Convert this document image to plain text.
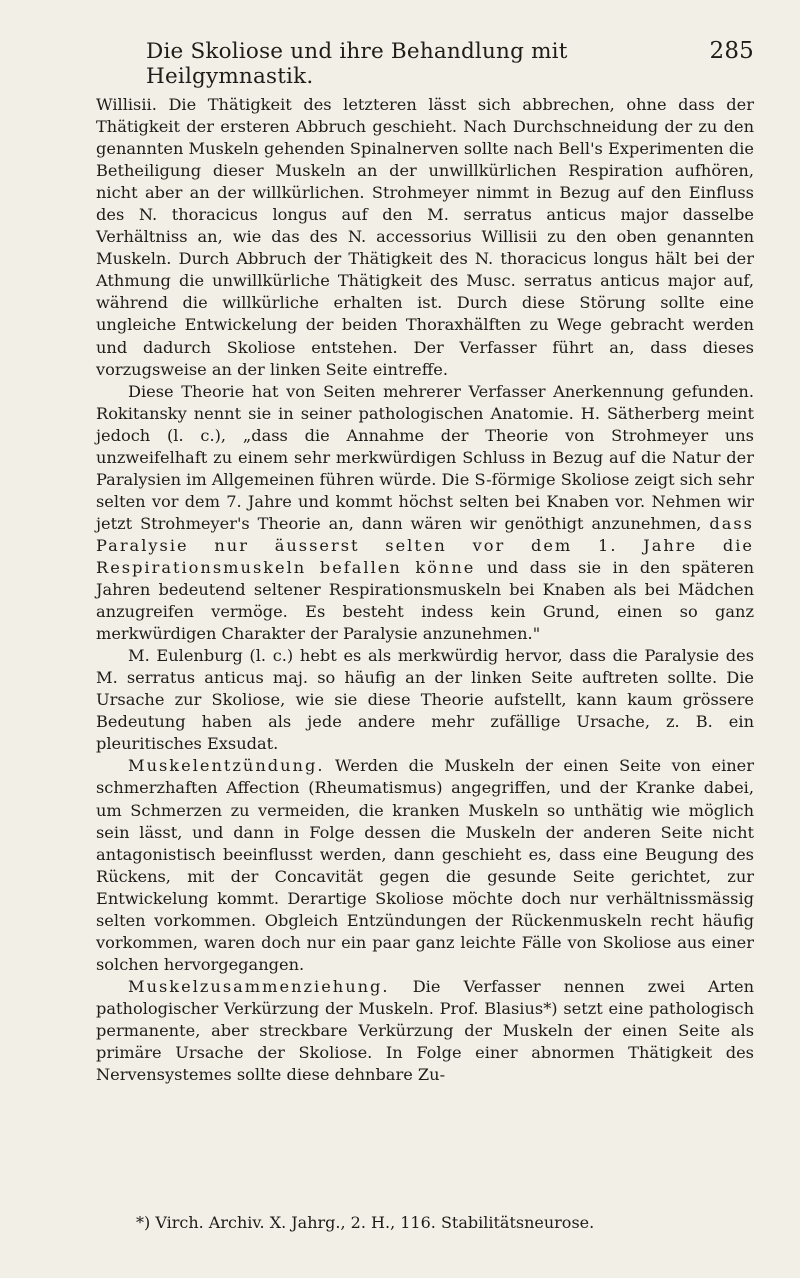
Die Skoliose und ihre Behandlung mit Heilgymnastik.
285

Willisii. Die Thätigkeit des letzteren lässt sich abbrechen, ohne dass der Thätigkeit der ersteren Abbruch geschieht. Nach Durchschneidung der zu den genannten Muskeln gehenden Spinalnerven sollte nach Bell's Experimenten die Betheiligung dieser Muskeln an der unwillkürlichen Respiration aufhören, nicht aber an der willkürlichen. Strohmeyer nimmt in Bezug auf den Einfluss des N. thoracicus longus auf den M. serratus anticus major dasselbe Verhältniss an, wie das des N. accessorius Willisii zu den oben genannten Muskeln. Durch Abbruch der Thätigkeit des N. thoracicus longus hält bei der Athmung die unwillkürliche Thätigkeit des Musc. serratus anticus major auf, während die willkürliche erhalten ist. Durch diese Störung sollte eine ungleiche Entwickelung der beiden Thoraxhälften zu Wege gebracht werden und dadurch Skoliose entstehen. Der Verfasser führt an, dass dieses vorzugsweise an der linken Seite eintreffe.

Diese Theorie hat von Seiten mehrerer Verfasser Anerkennung gefunden. Rokitansky nennt sie in seiner pathologischen Anatomie. H. Sätherberg meint jedoch (l. c.), „dass die Annahme der Theorie von Strohmeyer uns unzweifelhaft zu einem sehr merkwürdigen Schluss in Bezug auf die Natur der Paralysien im Allgemeinen führen würde. Die S-förmige Skoliose zeigt sich sehr selten vor dem 7. Jahre und kommt höchst selten bei Knaben vor. Nehmen wir jetzt Strohmeyer's Theorie an, dann wären wir genöthigt anzunehmen, dass Paralysie nur äusserst selten vor dem 1. Jahre die Respirationsmuskeln befallen könne und dass sie in den späteren Jahren bedeutend seltener Respirationsmuskeln bei Knaben als bei Mädchen anzugreifen vermöge. Es besteht indess kein Grund, einen so ganz merkwürdigen Charakter der Paralysie anzunehmen."

M. Eulenburg (l. c.) hebt es als merkwürdig hervor, dass die Paralysie des M. serratus anticus maj. so häufig an der linken Seite auftreten sollte. Die Ursache zur Skoliose, wie sie diese Theorie aufstellt, kann kaum grössere Bedeutung haben als jede andere mehr zufällige Ursache, z. B. ein pleuritisches Exsudat.

Muskelentzündung. Werden die Muskeln der einen Seite von einer schmerzhaften Affection (Rheumatismus) angegriffen, und der Kranke dabei, um Schmerzen zu vermeiden, die kranken Muskeln so unthätig wie möglich sein lässt, und dann in Folge dessen die Muskeln der anderen Seite nicht antagonistisch beeinflusst werden, dann geschieht es, dass eine Beugung des Rückens, mit der Concavität gegen die gesunde Seite gerichtet, zur Entwickelung kommt. Derartige Skoliose möchte doch nur verhältnissmässig selten vorkommen. Obgleich Entzündungen der Rückenmuskeln recht häufig vorkommen, waren doch nur ein paar ganz leichte Fälle von Skoliose aus einer solchen hervorgegangen.

Muskelzusammenziehung. Die Verfasser nennen zwei Arten pathologischer Verkürzung der Muskeln. Prof. Blasius*) setzt eine pathologisch permanente, aber streckbare Verkürzung der Muskeln der einen Seite als primäre Ursache der Skoliose. In Folge einer abnormen Thätigkeit des Nervensystemes sollte diese dehnbare Zu-

*) Virch. Archiv. X. Jahrg., 2. H., 116. Stabilitätsneurose.
